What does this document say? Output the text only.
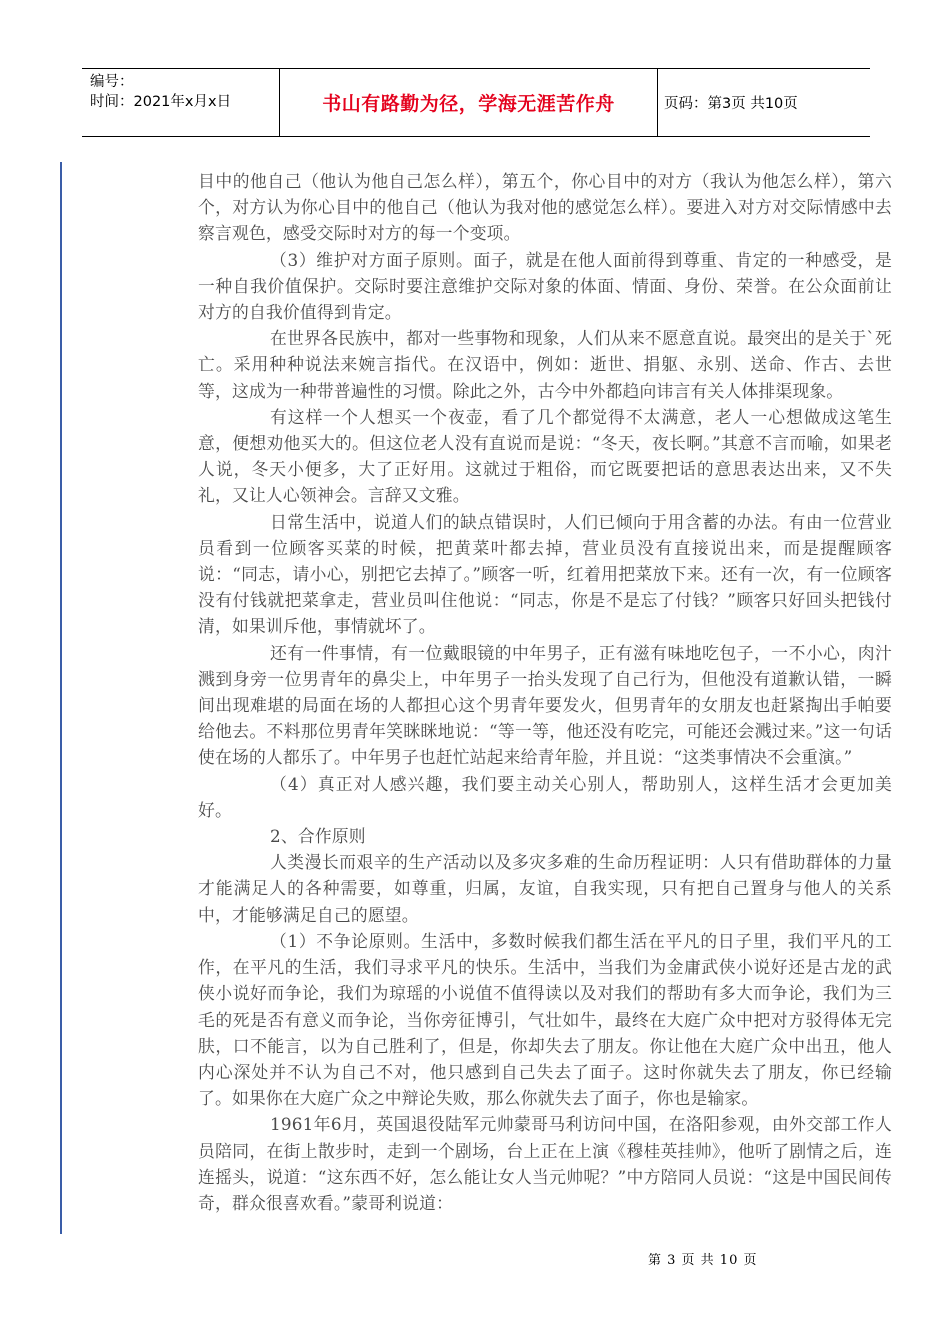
编号：
时间：2021年x月x日	书山有路勤为径，学海无涯苦作舟	页码：第3页 共10页

目中的他自己（他认为他自己怎么样），第五个，你心目中的对方（我认为他怎么样），第六个，对方认为你心目中的他自己（他认为我对他的感觉怎么样）。要进入对方对交际情感中去察言观色，感受交际时对方的每一个变项。

（3）维护对方面子原则。面子，就是在他人面前得到尊重、肯定的一种感受，是一种自我价值保护。交际时要注意维护交际对象的体面、情面、身份、荣誉。在公众面前让对方的自我价值得到肯定。

在世界各民族中，都对一些事物和现象，人们从来不愿意直说。最突出的是关于`死亡。采用种种说法来婉言指代。在汉语中，例如：逝世、捐躯、永别、送命、作古、去世等，这成为一种带普遍性的习惯。除此之外，古今中外都趋向讳言有关人体排渠现象。

有这样一个人想买一个夜壶，看了几个都觉得不太满意，老人一心想做成这笔生意，便想劝他买大的。但这位老人没有直说而是说：“冬天，夜长啊。”其意不言而喻，如果老人说，冬天小便多，大了正好用。这就过于粗俗，而它既要把话的意思表达出来，又不失礼，又让人心领神会。言辞又文雅。

日常生活中，说道人们的缺点错误时，人们已倾向于用含蓄的办法。有由一位营业员看到一位顾客买菜的时候，把黄菜叶都去掉，营业员没有直接说出来，而是提醒顾客说：“同志，请小心，别把它去掉了。”顾客一听，红着用把菜放下来。还有一次，有一位顾客没有付钱就把菜拿走，营业员叫住他说：“同志，你是不是忘了付钱？”顾客只好回头把钱付清，如果训斥他，事情就坏了。

还有一件事情，有一位戴眼镜的中年男子，正有滋有味地吃包子，一不小心，肉汁溅到身旁一位男青年的鼻尖上，中年男子一抬头发现了自己行为，但他没有道歉认错，一瞬间出现难堪的局面在场的人都担心这个男青年要发火，但男青年的女朋友也赶紧掏出手帕要给他去。不料那位男青年笑眯眯地说：“等一等，他还没有吃完，可能还会溅过来。”这一句话使在场的人都乐了。中年男子也赶忙站起来给青年脸，并且说：“这类事情决不会重演。”

（4）真正对人感兴趣，我们要主动关心别人，帮助别人，这样生活才会更加美好。

2、合作原则

人类漫长而艰辛的生产活动以及多灾多难的生命历程证明：人只有借助群体的力量才能满足人的各种需要，如尊重，归属，友谊，自我实现，只有把自己置身与他人的关系中，才能够满足自己的愿望。

（1）不争论原则。生活中，多数时候我们都生活在平凡的日子里，我们平凡的工作，在平凡的生活，我们寻求平凡的快乐。生活中，当我们为金庸武侠小说好还是古龙的武侠小说好而争论，我们为琼瑶的小说值不值得读以及对我们的帮助有多大而争论，我们为三毛的死是否有意义而争论，当你旁征博引，气壮如牛，最终在大庭广众中把对方驳得体无完肤，口不能言，以为自己胜利了，但是，你却失去了朋友。你让他在大庭广众中出丑，他人内心深处并不认为自己不对，他只感到自己失去了面子。这时你就失去了朋友，你已经输了。如果你在大庭广众之中辩论失败，那么你就失去了面子，你也是输家。

1961年6月，英国退役陆军元帅蒙哥马利访问中国，在洛阳参观，由外交部工作人员陪同，在街上散步时，走到一个剧场，台上正在上演《穆桂英挂帅》，他听了剧情之后，连连摇头，说道：“这东西不好，怎么能让女人当元帅呢？”中方陪同人员说：“这是中国民间传奇，群众很喜欢看。”蒙哥利说道：

第 3 页 共 10 页
